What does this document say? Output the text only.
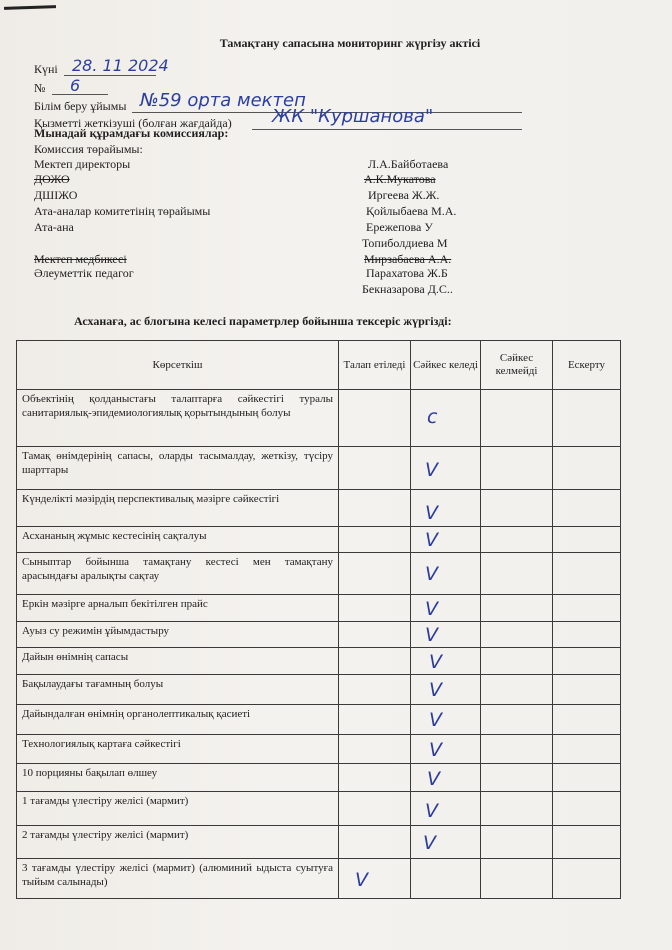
Тамақтану сапасына мониторинг жүргізу актісі
Күні 28. 11 2024
№ 6
Білім беру ұйымы №59 орта мектеп
Қызметті жеткізуші (болған жағдайда) ЖК "Куршанова"
Мынадай құрамдағы комиссиялар:
Комиссия төрайымы:
Мектеп директоры	Л.А.Байботаева
ДОЖО	А.К.Мукатова
ДШІЖО	Иргеева Ж.Ж.
Ата-аналар комитетінің төрайымы	Қойлыбаева М.А.
Ата-ана	Ережепова У
Топиболдиева М
Мектеп медбикесі	Мирзабаева А.А.
Әлеуметтік педагог	Парахатова Ж.Б
Бекназарова Д.С..
Асханаға, ас блогына келесі параметрлер бойынша тексеріс жүргізді:
Көрсеткіш	Талап етіледі	Сәйкес келеді	Сәйкес келмейді	Ескерту
Объектінің қолданыстағы талаптарға сәйкестігі туралы санитариялық-эпидемиологиялық қорытындының болуы		с		

Тамақ өнімдерінің сапасы, оларды тасымалдау, жеткізу, түсіру шарттары		V		

Күнделікті мәзірдің перспективалық мәзірге сәйкестігі		V		

Асхананың жұмыс кестесінің сақталуы		V		

Сыныптар бойынша тамақтану кестесі мен тамақтану арасындағы аралықты сақтау		V		

Еркін мәзірге арналып бекітілген прайс		V		

Ауыз су режимін ұйымдастыру		V		

Дайын өнімнің сапасы		V		

Бақылаудағы тағамның болуы		V		

Дайындалған өнімнің органолептикалық қасиеті		V		

Технологиялық картаға сәйкестігі		V		

10 порцияны бақылап өлшеу		V		

1 тағамды үлестіру желісі (мармит)		V		

2 тағамды үлестіру желісі (мармит)		V		

3 тағамды үлестіру желісі (мармит) (алюминий ыдыста суытуға тыйым салынады)	V			
